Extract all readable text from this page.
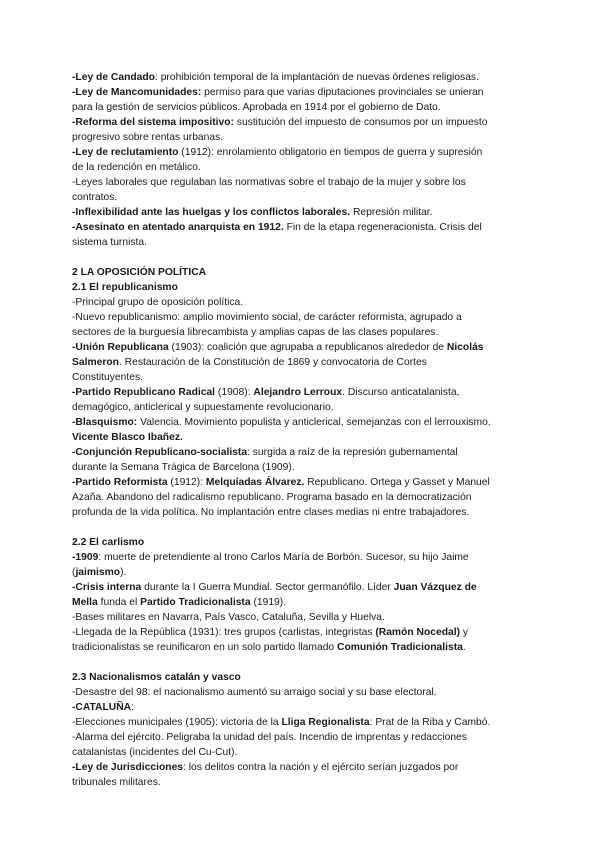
-Ley de Candado: prohibición temporal de la implantación de nuevas órdenes religiosas.

-Ley de Mancomunidades: permiso para que varias diputaciones provinciales se unieran

para la gestión de servicios públicos. Aprobada en 1914 por el gobierno de Dato.

-Reforma del sistema impositivo: sustitución del impuesto de consumos por un impuesto

progresivo sobre rentas urbanas.

-Ley de reclutamiento (1912): enrolamiento obligatorio en tiempos de guerra y supresión

de la redención en metálico.

-Leyes laborales que regulaban las normativas sobre el trabajo de la mujer y sobre los

contratos.

-Inflexibilidad ante las huelgas y los conflictos laborales. Represión militar.

-Asesinato en atentado anarquista en 1912. Fin de la etapa regeneracionista. Crisis del

sistema turnista.

2 LA OPOSICIÓN POLÍTICA

2.1 El republicanismo

-Principal grupo de oposición política.

-Nuevo republicanismo: amplio movimiento social, de carácter reformista, agrupado a

sectores de la burguesía librecambista y amplias capas de las clases populares.

-Unión Republicana (1903): coalición que agrupaba a republicanos alrededor de Nicolás

Salmeron. Restauración de la Constitución de 1869 y convocatoria de Cortes

Constituyentes.

-Partido Republicano Radical (1908): Alejandro Lerroux. Discurso anticatalanista,

demagógico, anticlerical y supuestamente revolucionario.

-Blasquismo: Valencia. Movimiento populista y anticlerical, semejanzas con el lerrouxismo.

Vicente Blasco Ibañez.

-Conjunción Republicano-socialista: surgida a raíz de la represión gubernamental

durante la Semana Trágica de Barcelona (1909).

-Partido Reformista (1912): Melquíadas Álvarez. Republicano. Ortega y Gasset y Manuel

Azaña. Abandono del radicalismo republicano. Programa basado en la democratización

profunda de la vida política. No implantación entre clases medias ni entre trabajadores.

2.2 El carlismo

-1909: muerte de pretendiente al trono Carlos María de Borbón. Sucesor, su hijo Jaime

(jaimismo).

-Crisis interna durante la I Guerra Mundial. Sector germanófilo. Líder Juan Vázquez de

Mella funda el Partido Tradicionalista (1919).

-Bases militares en Navarra, País Vasco, Cataluña, Sevilla y Huelva.

-Llegada de la República (1931): tres grupos (carlistas, integristas (Ramón Nocedal) y

tradicionalistas se reunificaron en un solo partido llamado Comunión Tradicionalista.

2.3 Nacionalismos catalán y vasco

-Desastre del 98: el nacionalismo aumentó su arraigo social y su base electoral.

-CATALUÑA:

-Elecciones municipales (1905): victoria de la Lliga Regionalista: Prat de la Riba y Cambó.

-Alarma del ejército. Peligraba la unidad del país. Incendio de imprentas y redacciones

catalanistas (incidentes del Cu-Cut).

-Ley de Jurisdicciones: los delitos contra la nación y el ejército serían juzgados por

tribunales militares.
